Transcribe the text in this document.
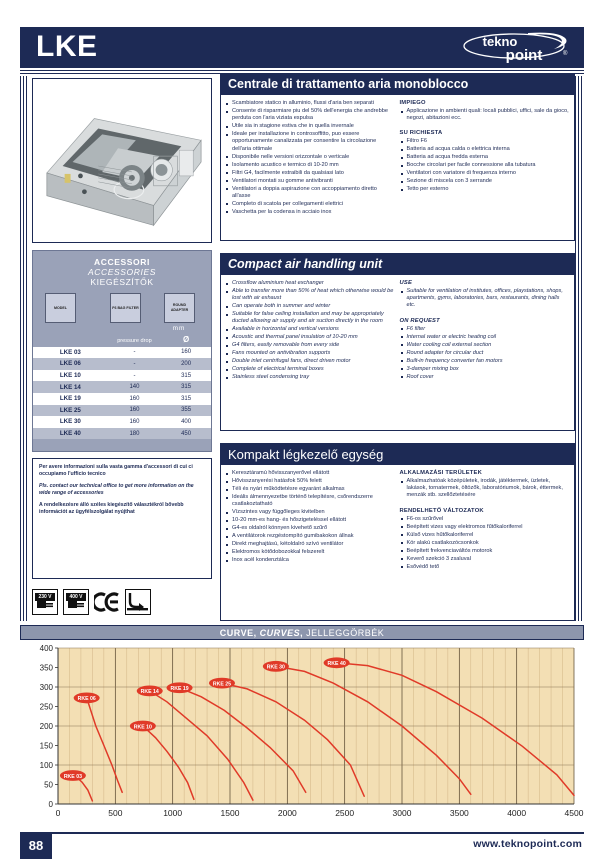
LKE	tekno
point	®
Centrale di trattamento aria monoblocco
Scambiatore statico in alluminio, flussi d'aria ben separati
Consente di risparmiare piu del 50% dell'energia che andrebbe perduta con l'aria viziata espulsa
Utile sia in stagione estiva che in quella invernale
Ideale per installazione in controsoffitto, puo essere opportunamente canalizzata per consentire la circolazione dell'aria ottimale
Disponibile nelle versioni orizzontale o verticale
Isolamento acustico e termico di 10-20 mm
Filtri G4, facilmente estraibili da qualsiasi lato
Ventilatori montati su gomme antivibranti
Ventilatori a doppia aspirazione con accoppiamento diretto all'asse
Completo di scatola per collegamenti elettrici
Vaschetta per la codensa in acciaio inox
IMPIEGO
Applicazione in ambienti quali: locali pubblici, uffici, sale da gioco, negozi, abitazioni ecc.
SU RICHIESTA
Filtro F6
Batteria ad acqua calda o elettrica interna
Batteria ad acqua fredda esterna
Bocche circolari per facile connessione alla tubatura
Ventilatori con variatore di frequenza interno
Sezione di miscela con 3 serrande
Tetto per esterno
Compact air handling unit
Crossflow aluminium heat exchanger
Able to transfer more than 50% of heat which otherwise would be lost with air exhaust
Can operate both in summer and winter
Suitable for false ceiling installation and may be appropriately ducted allowing air supply and air suction directly in the room
Available in horizontal and vertical versions
Acoustic and thermal panel insulation of 10-20 mm
G4 filters, easily removable from every side
Fans mounted on antivibration supports
Double inlet centrifugal fans, direct driven motor
Complete of electrical terminal boxes
Stainless steel condensing tray
USE
Suitable for ventilation of institutes, offices, playstations, shops, apartments, gyms, laboratories, bars, restaurants, dining halls etc.
ON REQUEST
F6 filter
Internal water or electric heating coil
Water cooling coil external section
Round adapter for circular duct
Built-in frequency converter fan motors
3-damper mixing box
Roof cover
Kompakt légkezelő egység
Keresztáramú hővisszanyerővel ellátott
Hővisszanyerési hatásfok 50% felett
Téli és nyári működtetésre egyaránt alkalmas
Ideális álmennyezetbe történő telepítésre, csőrendszerre csatlakoztatható
Vízszintes vagy függőleges kivitelben
10-20 mm-es hang- és hőszigeteléssel ellátott
G4-es oldalról könnyen kivehető szűrő
A ventilátorok rezgéstompító gumibakokon állnak
Direkt meghajtású, kétoldalró szívó ventilátor
Elektromos kötődobozokkal felszerelt
Inox acél kondenztálca
ALKALMAZÁSI TERÜLETEK
Alkalmazhatóak középületek, irodák, játéktermek, üzletek, lakások, tornatermek, öltözők, laboratóriumok, bárok, éttermek, menzák stb. szellőztetésére
RENDELHETŐ VÁLTOZATOK
F6-os szűrővel
Beépített vizes vagy elektromos fűtőkaloriferrel
Külső vizes hűtőkaloriferrel
Kör alakú csatlakozócsonkok
Beépített frekvenciaváltós motorok
Keverő szekció 3 zsaluval
Esővédő tető
ACCESSORI
ACCESSORIES
KIEGÉSZÍTŐK
MODEL	F6 BAG FILTER
ROUND ADAPTER
mm
	pressure drop	Ø
LKE 03	-	160
LKE 06	-	200
LKE 10	-	315
LKE 14	140	315
LKE 19	160	315
LKE 25	160	355
LKE 30	160	400
LKE 40	180	450

Per avere informazioni sulla vasta gamma d'accessori di cui ci occupiamo l'ufficio tecnico

Pls. contact our technical office to get more information on the wide range of accessories

A rendelkezésre álló széles kiegészítő választékról bővebb információt az ügyfélszolgálat nyújthat

230 V	400 V
CURVE, CURVES, JELLEGGÖRBÉK
0
50
100
150
200
250
300
350
400
0	500	1000	1500	2000	2500	3000	3500	4000	4500
RKE 03
RKE 06
RKE 10
RKE 14
RKE 19
RKE 25
RKE 30
RKE 40
88	www.teknopoint.com
